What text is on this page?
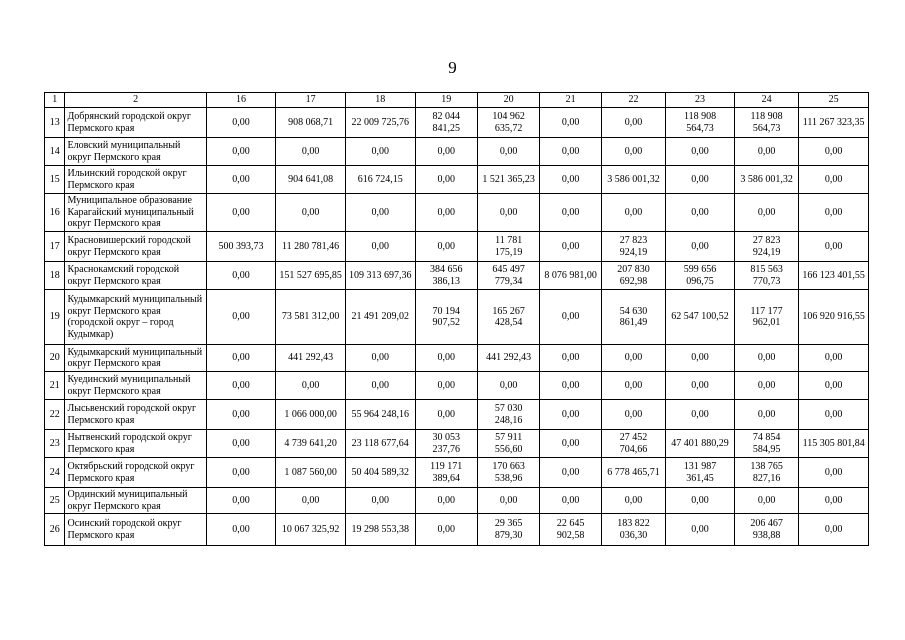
9
1	2	16	17	18	19	20	21	22	23	24	25
13	Добрянский городской округ Пермского края	0,00	908 068,71	22 009 725,76	82 044
841,25	104 962
635,72	0,00	0,00	118 908
564,73	118 908
564,73	111 267 323,35
14	Еловский муниципальный округ Пермского края	0,00	0,00	0,00	0,00	0,00	0,00	0,00	0,00	0,00	0,00
15	Ильинский городской округ Пермского края	0,00	904 641,08	616 724,15	0,00	1 521 365,23	0,00	3 586 001,32	0,00	3 586 001,32	0,00
16	Муниципальное образование Карагайский муниципальный округ Пермского края	0,00	0,00	0,00	0,00	0,00	0,00	0,00	0,00	0,00	0,00
17	Красновишерский городской округ Пермского края	500 393,73	11 280 781,46	0,00	0,00	11 781
175,19	0,00	27 823
924,19	0,00	27 823
924,19	0,00
18	Краснокамский городской округ Пермского края	0,00	151 527 695,85	109 313 697,36	384 656
386,13	645 497
779,34	8 076 981,00	207 830
692,98	599 656
096,75	815 563
770,73	166 123 401,55
19	Кудымкарский муниципальный округ Пермского края (городской округ – город Кудымкар)	0,00	73 581 312,00	21 491 209,02	70 194
907,52	165 267
428,54	0,00	54 630
861,49	62 547 100,52	117 177
962,01	106 920 916,55
20	Кудымкарский муниципальный округ Пермского края	0,00	441 292,43	0,00	0,00	441 292,43	0,00	0,00	0,00	0,00	0,00
21	Куединский муниципальный округ Пермского края	0,00	0,00	0,00	0,00	0,00	0,00	0,00	0,00	0,00	0,00
22	Лысьвенский городской округ Пермского края	0,00	1 066 000,00	55 964 248,16	0,00	57 030
248,16	0,00	0,00	0,00	0,00	0,00
23	Нытвенский городской округ Пермского края	0,00	4 739 641,20	23 118 677,64	30 053
237,76	57 911
556,60	0,00	27 452
704,66	47 401 880,29	74 854
584,95	115 305 801,84
24	Октябрьский городской округ Пермского края	0,00	1 087 560,00	50 404 589,32	119 171
389,64	170 663
538,96	0,00	6 778 465,71	131 987
361,45	138 765
827,16	0,00
25	Ординский муниципальный округ Пермского края	0,00	0,00	0,00	0,00	0,00	0,00	0,00	0,00	0,00	0,00
26	Осинский городской округ Пермского края	0,00	10 067 325,92	19 298 553,38	0,00	29 365
879,30	22 645
902,58	183 822
036,30	0,00	206 467
938,88	0,00
